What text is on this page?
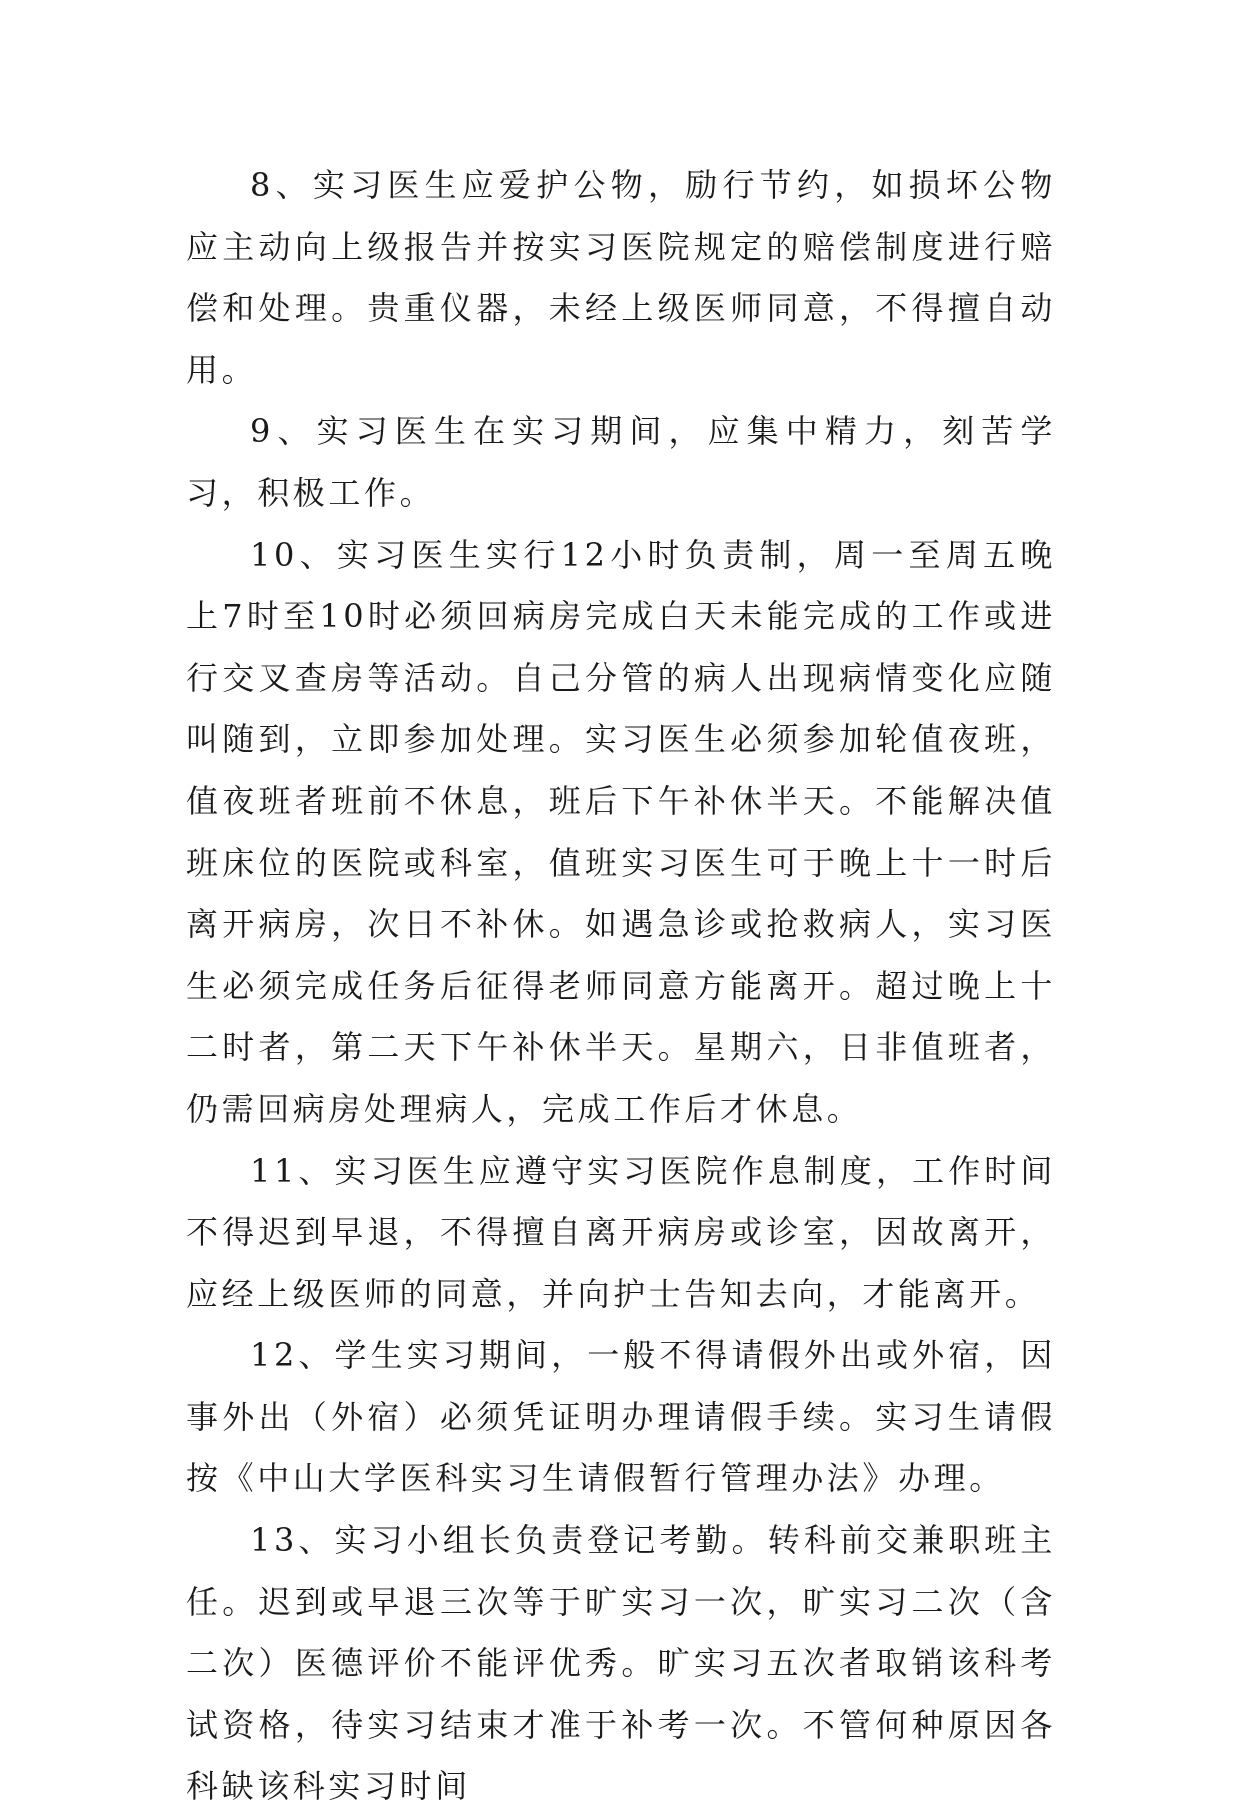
8、实习医生应爱护公物，励行节约，如损坏公物应主动向上级报告并按实习医院规定的赔偿制度进行赔偿和处理。贵重仪器，未经上级医师同意，不得擅自动用。

9、实习医生在实习期间，应集中精力，刻苦学习，积极工作。

10、实习医生实行12小时负责制，周一至周五晚上7时至10时必须回病房完成白天未能完成的工作或进行交叉查房等活动。自己分管的病人出现病情变化应随叫随到，立即参加处理。实习医生必须参加轮值夜班，值夜班者班前不休息，班后下午补休半天。不能解决值班床位的医院或科室，值班实习医生可于晚上十一时后离开病房，次日不补休。如遇急诊或抢救病人，实习医生必须完成任务后征得老师同意方能离开。超过晚上十二时者，第二天下午补休半天。星期六，日非值班者，仍需回病房处理病人，完成工作后才休息。

11、实习医生应遵守实习医院作息制度，工作时间不得迟到早退，不得擅自离开病房或诊室，因故离开，应经上级医师的同意，并向护士告知去向，才能离开。

12、学生实习期间，一般不得请假外出或外宿，因事外出（外宿）必须凭证明办理请假手续。实习生请假按《中山大学医科实习生请假暂行管理办法》办理。

13、实习小组长负责登记考勤。转科前交兼职班主任。迟到或早退三次等于旷实习一次，旷实习二次（含二次）医德评价不能评优秀。旷实习五次者取销该科考试资格，待实习结束才准于补考一次。不管何种原因各科缺该科实习时间
